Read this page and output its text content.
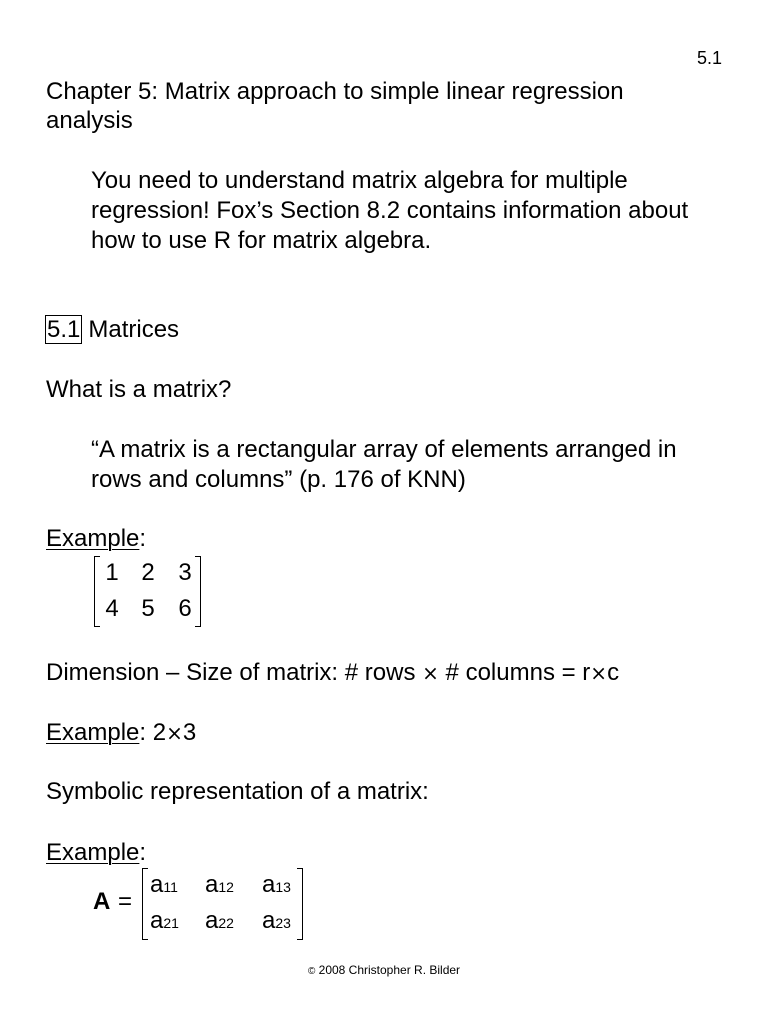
5.1
Chapter 5: Matrix approach to simple linear regression
analysis
You need to understand matrix algebra for multiple
regression! Fox’s Section 8.2 contains information about
how to use R for matrix algebra.
5.1 Matrices
What is a matrix?
“A matrix is a rectangular array of elements arranged in
rows and columns” (p. 176 of KNN)
Example:
1 2 3
4 5 6
Dimension – Size of matrix: # rows × # columns = r×c
Example: 2×3
Symbolic representation of a matrix:
Example:
A =
a11 a12 a13
a21 a22 a23
© 2008 Christopher R. Bilder
